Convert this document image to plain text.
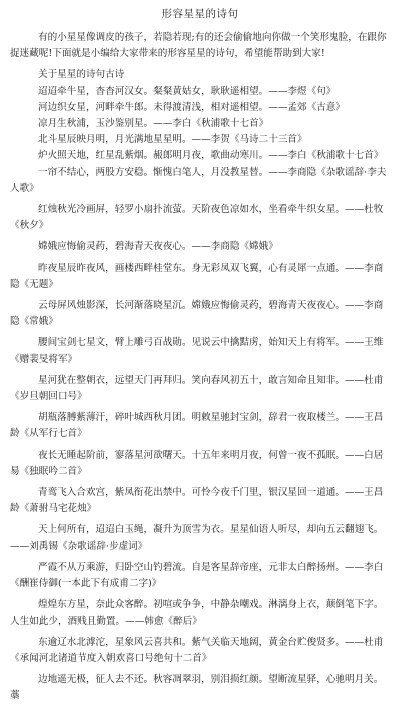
形容星星的诗句

有的小星星像调皮的孩子，若隐若现;有的还会偷偷地向你做一个笑形鬼脸，在跟你捉迷藏呢!下面就是小编给大家带来的形容星星的诗句，希望能帮助到大家!

关于星星的诗句古诗

迢迢牵牛星，杳杳河汉女。粲粲黄姑女，耿耿遥相望。——李煜《句》

河边织女星，河畔牵牛郎。未得渡清浅，相对遥相望。——孟郊《古意》

凉月生秋浦，玉沙鉴别星。——李白《秋浦歌十七首》

北斗星辰映月明，月光满地星星明。——李贺《马诗二十三首》

炉火照天地，红星乱紫烟。赧郎明月夜，歌曲动寒川。——李白《秋浦歌十七首》

一帘不结心，两股方安稳。惭愧白笔人，月没教星替。——李商隐《杂歌谣辞·李夫人歌》

红烛秋光冷画屏，轻罗小扇扑流萤。天阶夜色凉如水，坐看牵牛织女星。——杜牧《秋夕》

嫦娥应悔偷灵药，碧海青天夜夜心。——李商隐《嫦娥》

昨夜星辰昨夜风，画楼西畔桂堂东。身无彩凤双飞翼，心有灵犀一点通。——李商隐《无题》

云母屏风烛影深，长河渐落晓星沉。嫦娥应悔偷灵药，碧海青天夜夜心。——李商隐《常娥》

腰间宝剑七星文，臂上雕弓百战勋。见说云中擒黠虏，始知天上有将军。——王维《赠裴旻将军》

星河犹在整朝衣，远望天门再拜归。笑向春风初五十，敢言知命且知非。——杜甫《岁旦朝回口号》

胡瓶落膊紫薄汗，碎叶城西秋月团。明敕星驰封宝剑，辞君一夜取楼兰。——王昌龄《从军行七首》

夜长无睡起阶前，寥落星河欲曙天。十五年来明月夜，何曾一夜不孤眠。——白居易《独眠吟二首》

青鸾飞入合欢宫，紫凤衔花出禁中。可怜今夜千门里，银汉星回一道通。——王昌龄《萧驸马宅花烛》

天上何所有，迢迢白玉绳，凝升为顶雪为衣。星星仙语人听尽，却向五云翻翅飞。——刘禹锡《杂歌谣辞·步虚词》

严霞不从万乘游，归卧空山钓碧流。自是客星辞帝座，元非太白醉扬州。——李白《酬崔侍御(一本此下有成甫二字)》

煌煌东方星，奈此众客醉。初喧或争争，中静杂嘲戏。淋漓身上衣，颠倒笔下字。人生如此少，酒贱且勤置。——韩愈《醉后》

东逾辽水北滹沱，星象风云喜共和。紫气关临天地阔，黄金台贮俊贤多。——杜甫《承闻河北诸道节度入朝欢喜口号绝句十二首》

边地遥无极，征人去不还。秋容凋翠羽，别泪损红颜。望断流星驿，心驰明月关。藁
